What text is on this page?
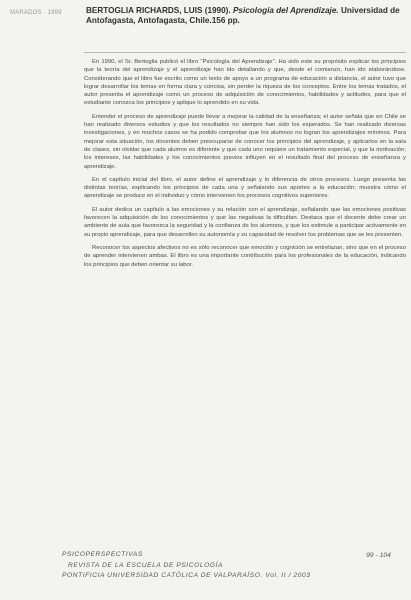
MARADOS · 1999	BERTOGLIA RICHARDS, LUIS (1990). Psicología del Aprendizaje. Universidad de Antofagasta, Antofagasta, Chile.156 pp.

En 1990, el Sr. Bertoglia publicó el libro "Psicología del Aprendizaje". Ha sido este su propósito explicar los principios que la teoría del aprendizaje y el aprendizaje han ido detallando y que, desde el comienzo, han ido elaborándose. Considerando que el libro fue escrito como un texto de apoyo a un programa de educación a distancia, el autor tuvo que lograr desarrollar los temas en forma clara y concisa, sin perder la riqueza de los conceptos. Entre los temas tratados, el autor presenta el aprendizaje como un proceso de adquisición de conocimientos, habilidades y actitudes, para que el estudiante conozca los principios y aplique lo aprendido en su vida.

Entender el proceso de aprendizaje puede llevar a mejorar la calidad de la enseñanza; el autor señala que en Chile se han realizado diversos estudios y que los resultados no siempre han sido los esperados. Se han realizado diversas investigaciones, y en muchos casos se ha podido comprobar que los alumnos no logran los aprendizajes mínimos. Para mejorar esta situación, los docentes deben preocuparse de conocer los principios del aprendizaje, y aplicarlos en la sala de clases, sin olvidar que cada alumno es diferente y que cada uno requiere un tratamiento especial, y que la motivación, los intereses, las habilidades y los conocimientos previos influyen en el resultado final del proceso de enseñanza y aprendizaje.

En el capítulo inicial del libro, el autor define el aprendizaje y lo diferencia de otros procesos. Luego presenta las distintas teorías, explicando los principios de cada una y señalando sus aportes a la educación; muestra cómo el aprendizaje se produce en el individuo y cómo intervienen los procesos cognitivos superiores.

El autor dedica un capítulo a las emociones y su relación con el aprendizaje, señalando que las emociones positivas favorecen la adquisición de los conocimientos y que las negativas la dificultan. Destaca que el docente debe crear un ambiente de aula que favorezca la seguridad y la confianza de los alumnos, y que los estimule a participar activamente en su propio aprendizaje, para que desarrollen su autonomía y su capacidad de resolver los problemas que se les presenten.

Reconocer los aspectos afectivos no es sólo reconocer que emoción y cognición se entrelazan, sino que en el proceso de aprender intervienen ambas. El libro es una importante contribución para los profesionales de la educación, indicando los principios que deben orientar su labor.

PSICOPERSPECTIVAS
REVISTA DE LA ESCUELA DE PSICOLOGÍA
PONTIFICIA UNIVERSIDAD CATÓLICA DE VALPARAÍSO. Vol. II / 2003
99 - 104
